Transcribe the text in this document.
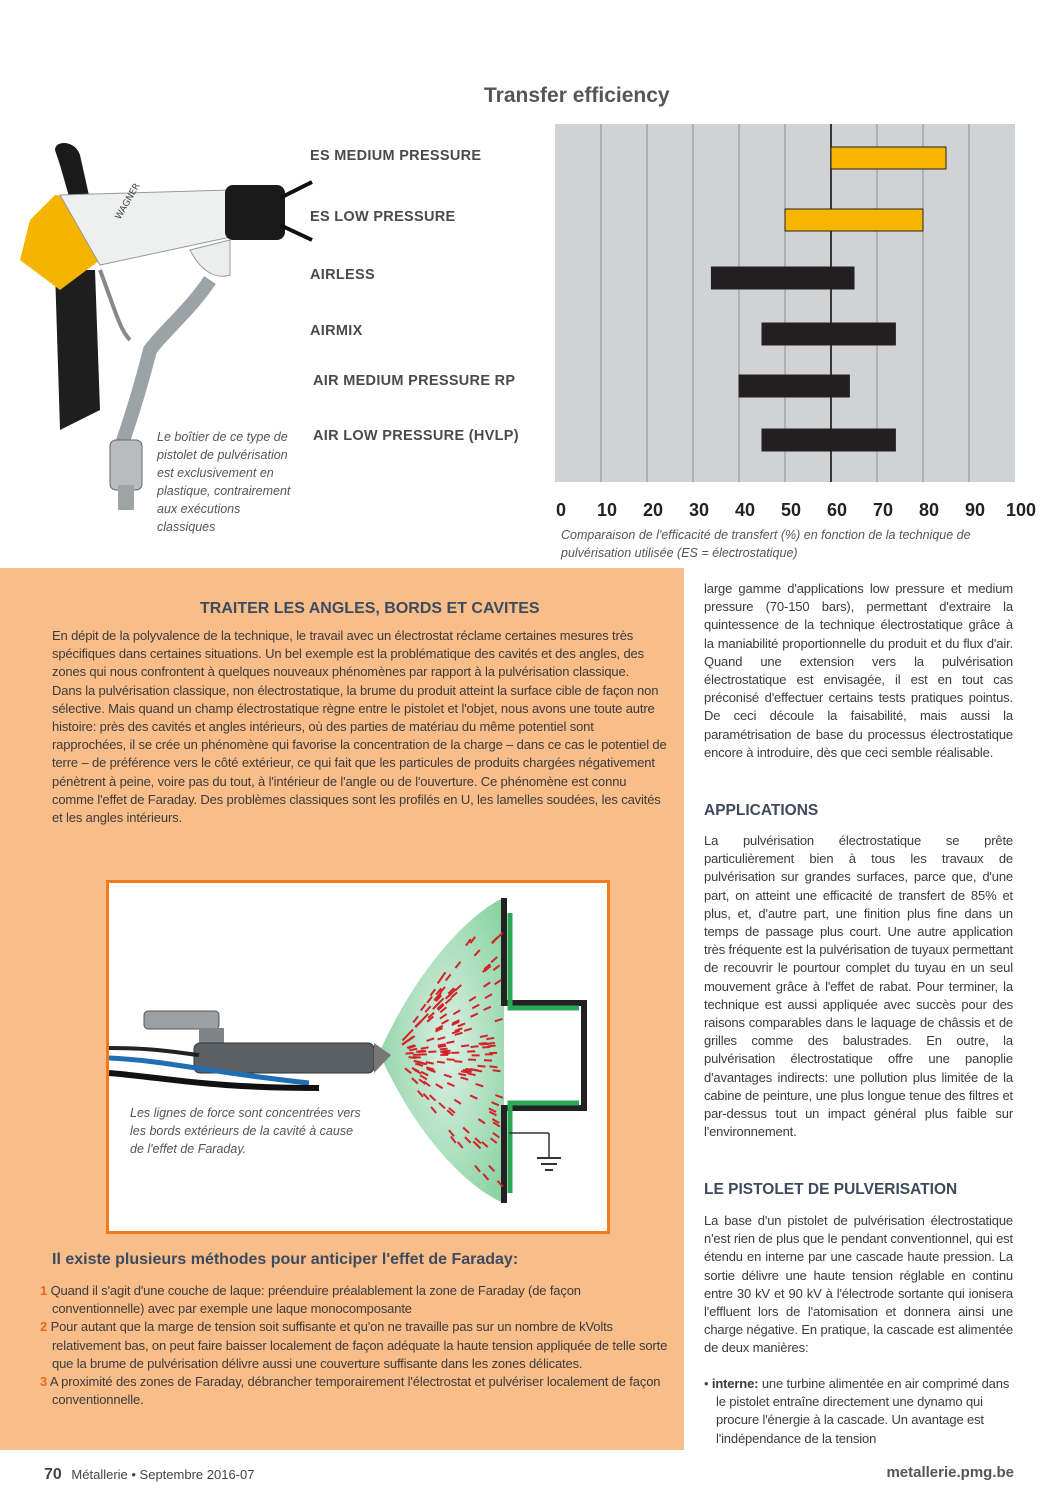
Transfer efficiency
WAGNER
Le boîtier de ce type de pistolet de pulvérisation est exclusivement en plastique, contrairement aux exécutions classiques
ES MEDIUM PRESSURE
ES LOW PRESSURE
AIRLESS
AIRMIX
AIR MEDIUM PRESSURE RP
AIR LOW PRESSURE (HVLP)
0 10 20 30 40 50 60 70 80 90 100
Comparaison de l'efficacité de transfert (%) en fonction de la technique de pulvérisation utilisée (ES = électrostatique)
TRAITER LES ANGLES, BORDS ET CAVITES

En dépit de la polyvalence de la technique, le travail avec un électrostat réclame certaines mesures très spécifiques dans certaines situations. Un bel exemple est la problématique des cavités et des angles, des zones qui nous confrontent à quelques nouveaux phénomènes par rapport à la pulvérisation classique.

Dans la pulvérisation classique, non électrostatique, la brume du produit atteint la surface cible de façon non sélective. Mais quand un champ électrostatique règne entre le pistolet et l'objet, nous avons une toute autre histoire: près des cavités et angles intérieurs, où des parties de matériau du même potentiel sont rapprochées, il se crée un phénomène qui favorise la concentration de la charge – dans ce cas le potentiel de terre – de préférence vers le côté extérieur, ce qui fait que les particules de produits chargées négativement pénètrent à peine, voire pas du tout, à l'intérieur de l'angle ou de l'ouverture. Ce phénomène est connu comme l'effet de Faraday. Des problèmes classiques sont les profilés en U, les lamelles soudées, les cavités et les angles intérieurs.

Les lignes de force sont concentrées vers les bords extérieurs de la cavité à cause de l'effet de Faraday.
Il existe plusieurs méthodes pour anticiper l'effet de Faraday:

1 Quand il s'agit d'une couche de laque: préenduire préalablement la zone de Faraday (de façon conventionnelle) avec par exemple une laque monocomposante

2 Pour autant que la marge de tension soit suffisante et qu'on ne travaille pas sur un nombre de kVolts relativement bas, on peut faire baisser localement de façon adéquate la haute tension appliquée de telle sorte que la brume de pulvérisation délivre aussi une couverture suffisante dans les zones délicates.

3 A proximité des zones de Faraday, débrancher temporairement l'électrostat et pulvériser localement de façon conventionnelle.

large gamme d'applications low pressure et medium pressure (70-150 bars), permettant d'extraire la quintessence de la technique électrostatique grâce à la maniabilité proportionnelle du produit et du flux d'air. Quand une extension vers la pulvérisation électrostatique est envisagée, il est en tout cas préconisé d'effectuer certains tests pratiques pointus. De ceci découle la faisabilité, mais aussi la paramétrisation de base du processus électrostatique encore à introduire, dès que ceci semble réalisable.
APPLICATIONS
La pulvérisation électrostatique se prête particulièrement bien à tous les travaux de pulvérisation sur grandes surfaces, parce que, d'une part, on atteint une efficacité de transfert de 85% et plus, et, d'autre part, une finition plus fine dans un temps de passage plus court. Une autre application très fréquente est la pulvérisation de tuyaux permettant de recouvrir le pourtour complet du tuyau en un seul mouvement grâce à l'effet de rabat. Pour terminer, la technique est aussi appliquée avec succès pour des raisons comparables dans le laquage de châssis et de grilles comme des balustrades. En outre, la pulvérisation électrostatique offre une panoplie d'avantages indirects: une pollution plus limitée de la cabine de peinture, une plus longue tenue des filtres et par-dessus tout un impact général plus faible sur l'environnement.
LE PISTOLET DE PULVERISATION
La base d'un pistolet de pulvérisation électrostatique n'est rien de plus que le pendant conventionnel, qui est étendu en interne par une cascade haute pression. La sortie délivre une haute tension réglable en continu entre 30 kV et 90 kV à l'électrode sortante qui ionisera l'effluent lors de l'atomisation et donnera ainsi une charge négative. En pratique, la cascade est alimentée de deux manières:
• interne: une turbine alimentée en air comprimé dans le pistolet entraîne directement une dynamo qui procure l'énergie à la cascade. Un avantage est l'indépendance de la tension
70 Métallerie • Septembre 2016-07	metallerie.pmg.be
